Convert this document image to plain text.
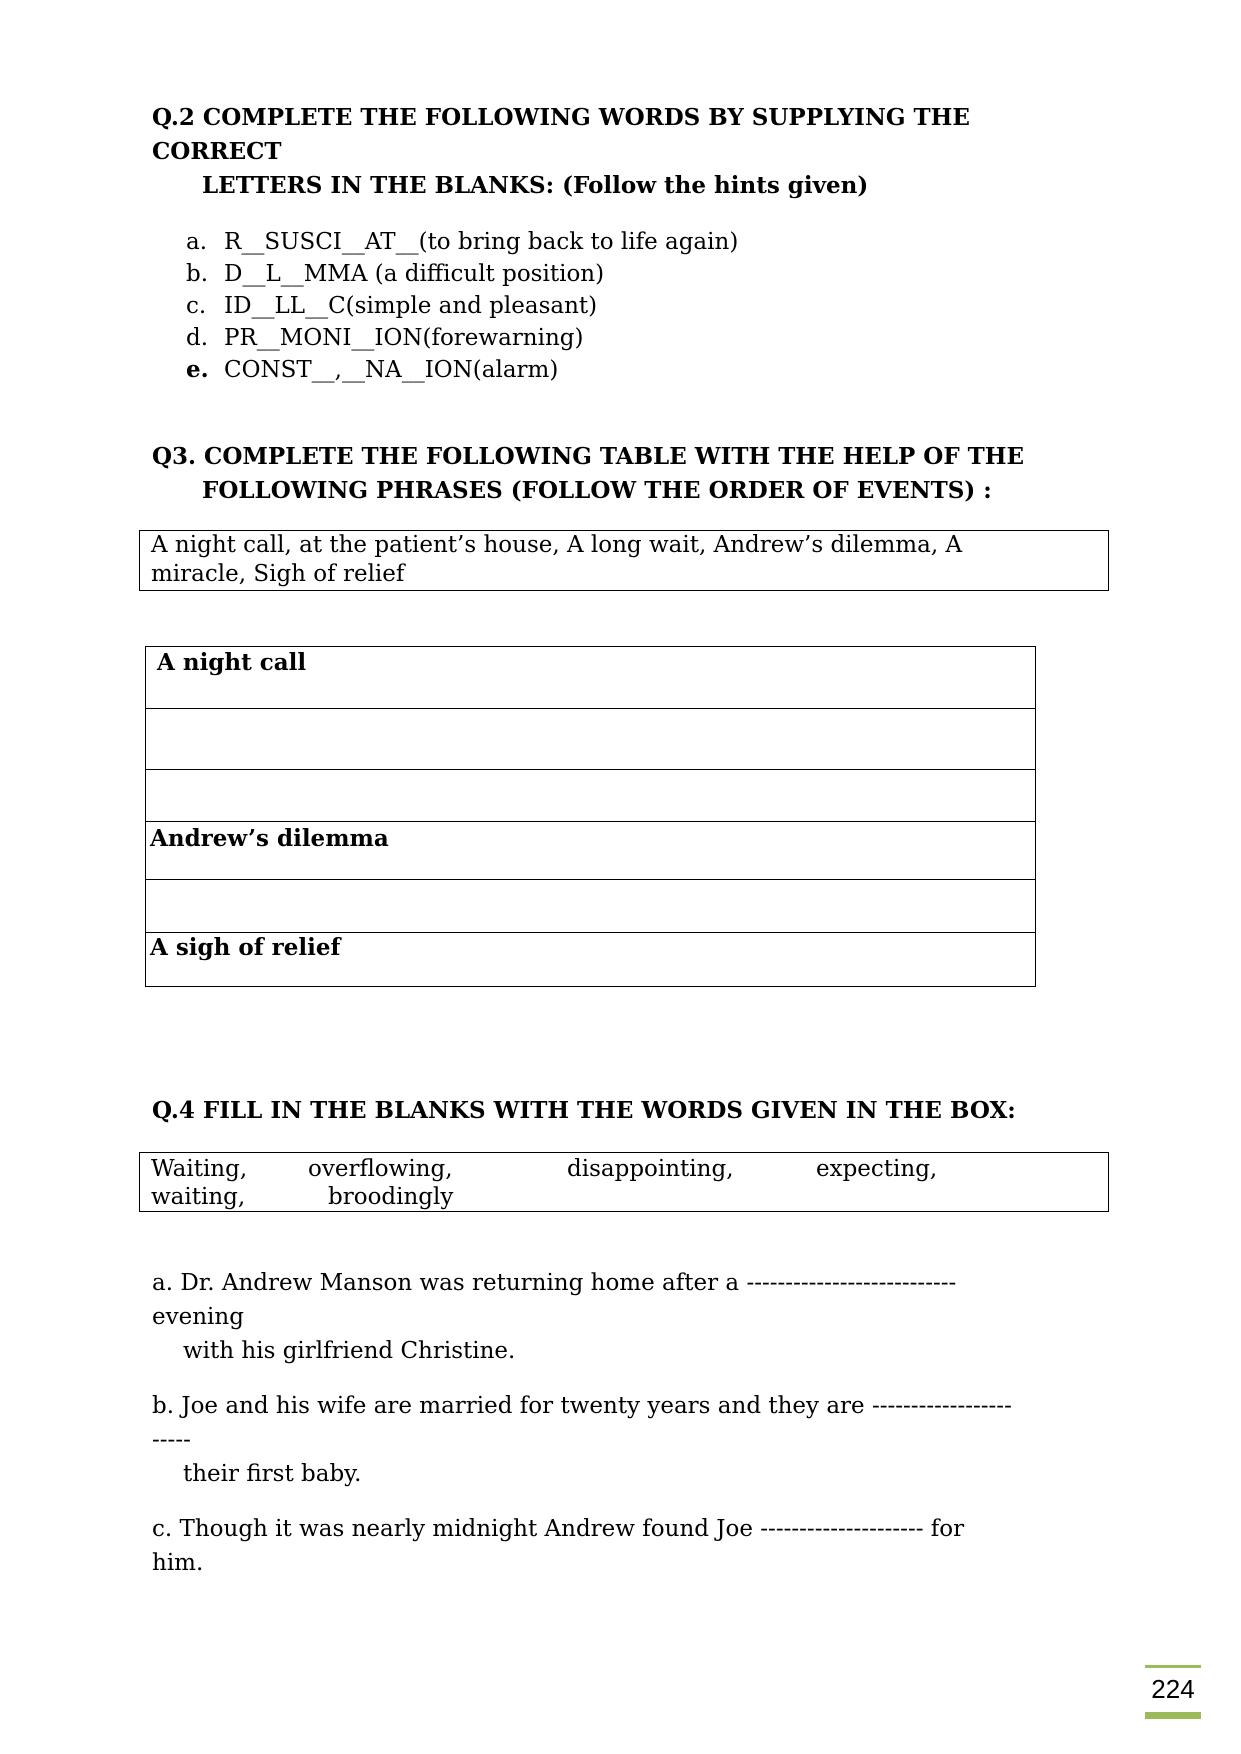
Q.2 COMPLETE THE FOLLOWING WORDS BY SUPPLYING THE
CORRECT
LETTERS IN THE BLANKS: (Follow the hints given)
a. R__SUSCI__AT__(to bring back to life again)
b. D__L__MMA (a difficult position)
c. ID__LL__C(simple and pleasant)
d. PR__MONI__ION(forewarning)
e. CONST__,__NA__ION(alarm)
Q3. COMPLETE THE FOLLOWING TABLE WITH THE HELP OF THE
FOLLOWING PHRASES (FOLLOW THE ORDER OF EVENTS) :
A night call, at the patient’s house, A long wait, Andrew’s dilemma, A
miracle, Sigh of relief
A night call

Andrew’s dilemma

A sigh of relief
Q.4 FILL IN THE BLANKS WITH THE WORDS GIVEN IN THE BOX:
Waiting,	overflowing,	disappointing,	expecting,
waiting,	broodingly
a. Dr. Andrew Manson was returning home after a ---------------------------
evening
with his girlfriend Christine.
b. Joe and his wife are married for twenty years and they are ------------------
-----
their first baby.
c. Though it was nearly midnight Andrew found Joe --------------------- for
him.
224
